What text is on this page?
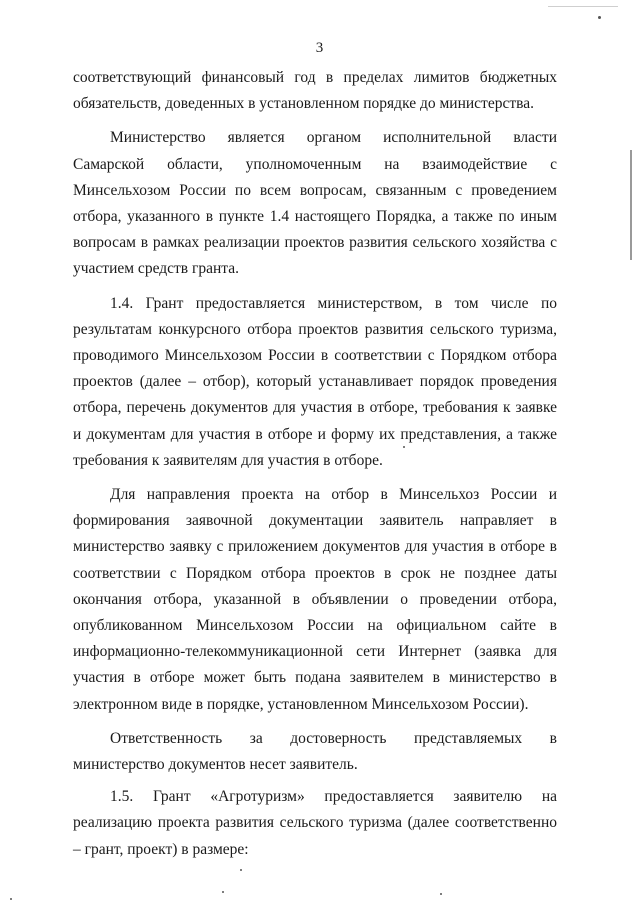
3

соответствующий финансовый год в пределах лимитов бюджетных обязательств, доведенных в установленном порядке до министерства.

Министерство является органом исполнительной власти Самарской области, уполномоченным на взаимодействие с Минсельхозом России по всем вопросам, связанным с проведением отбора, указанного в пункте 1.4 настоящего Порядка, а также по иным вопросам в рамках реализации проектов развития сельского хозяйства с участием средств гранта.

1.4. Грант предоставляется министерством, в том числе по результатам конкурсного отбора проектов развития сельского туризма, проводимого Минсельхозом России в соответствии с Порядком отбора проектов (далее – отбор), который устанавливает порядок проведения отбора, перечень документов для участия в отборе, требования к заявке и документам для участия в отборе и форму их представления, а также требования к заявителям для участия в отборе.

Для направления проекта на отбор в Минсельхоз России и формирования заявочной документации заявитель направляет в министерство заявку с приложением документов для участия в отборе в соответствии с Порядком отбора проектов в срок не позднее даты окончания отбора, указанной в объявлении о проведении отбора, опубликованном Минсельхозом России на официальном сайте в информационно-телекоммуникационной сети Интернет (заявка для участия в отборе может быть подана заявителем в министерство в электронном виде в порядке, установленном Минсельхозом России).

Ответственность за достоверность представляемых в министерство документов несет заявитель.

1.5. Грант «Агротуризм» предоставляется заявителю на реализацию проекта развития сельского туризма (далее соответственно – грант, проект) в размере:
